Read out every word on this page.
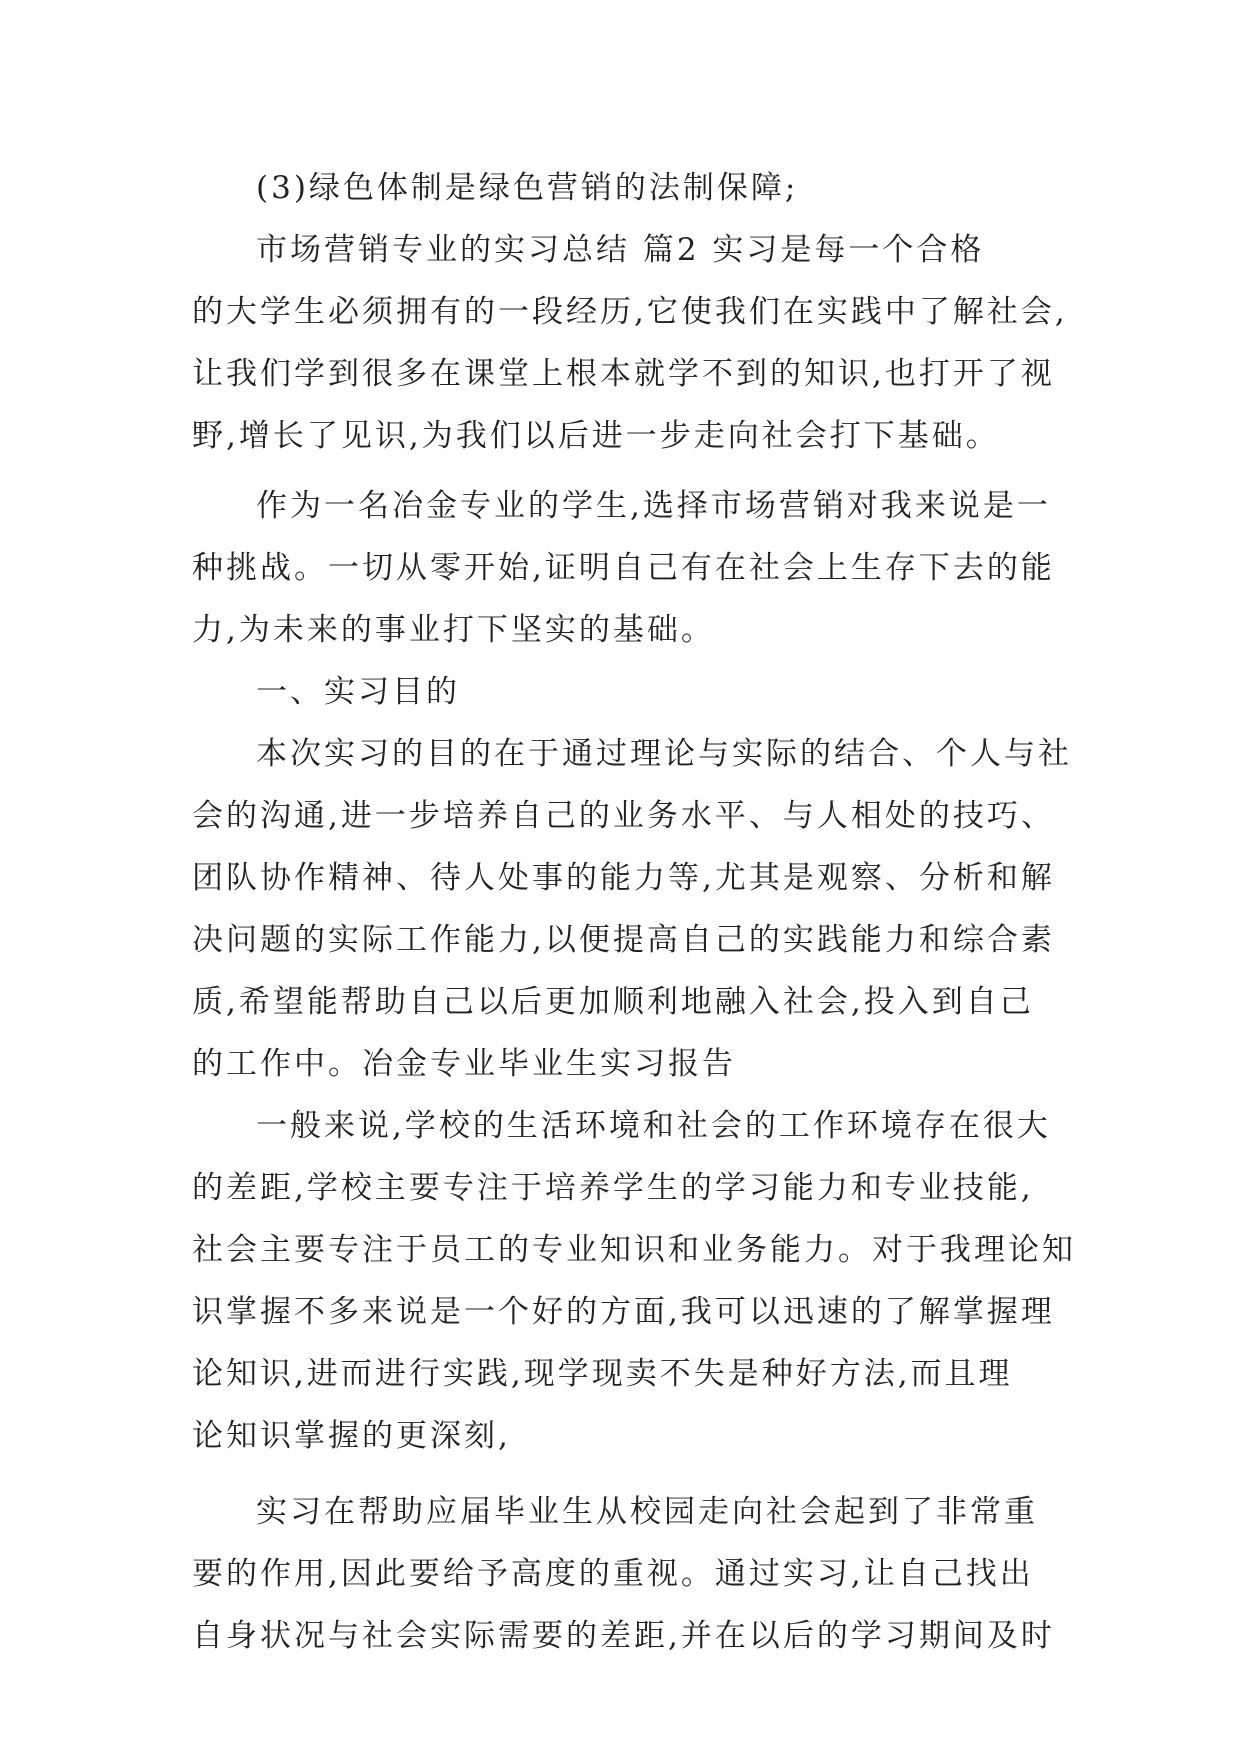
(3)绿色体制是绿色营销的法制保障;
市场营销专业的实习总结 篇2 实习是每一个合格
的大学生必须拥有的一段经历,它使我们在实践中了解社会,
让我们学到很多在课堂上根本就学不到的知识,也打开了视
野,增长了见识,为我们以后进一步走向社会打下基础。
作为一名冶金专业的学生,选择市场营销对我来说是一
种挑战。一切从零开始,证明自己有在社会上生存下去的能
力,为未来的事业打下坚实的基础。
一、实习目的
本次实习的目的在于通过理论与实际的结合、个人与社
会的沟通,进一步培养自己的业务水平、与人相处的技巧、
团队协作精神、待人处事的能力等,尤其是观察、分析和解
决问题的实际工作能力,以便提高自己的实践能力和综合素
质,希望能帮助自己以后更加顺利地融入社会,投入到自己
的工作中。冶金专业毕业生实习报告
一般来说,学校的生活环境和社会的工作环境存在很大
的差距,学校主要专注于培养学生的学习能力和专业技能,
社会主要专注于员工的专业知识和业务能力。对于我理论知
识掌握不多来说是一个好的方面,我可以迅速的了解掌握理
论知识,进而进行实践,现学现卖不失是种好方法,而且理
论知识掌握的更深刻,
实习在帮助应届毕业生从校园走向社会起到了非常重
要的作用,因此要给予高度的重视。通过实习,让自己找出
自身状况与社会实际需要的差距,并在以后的学习期间及时
